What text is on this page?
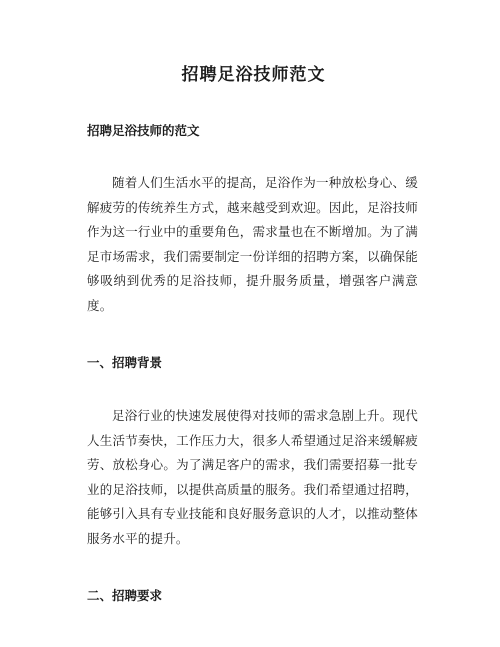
招聘足浴技师范文

招聘足浴技师的范文

随着人们生活水平的提高，足浴作为一种放松身心、缓解疲劳的传统养生方式，越来越受到欢迎。因此，足浴技师作为这一行业中的重要角色，需求量也在不断增加。为了满足市场需求，我们需要制定一份详细的招聘方案，以确保能够吸纳到优秀的足浴技师，提升服务质量，增强客户满意度。

一、招聘背景

足浴行业的快速发展使得对技师的需求急剧上升。现代人生活节奏快，工作压力大，很多人希望通过足浴来缓解疲劳、放松身心。为了满足客户的需求，我们需要招募一批专业的足浴技师，以提供高质量的服务。我们希望通过招聘，能够引入具有专业技能和良好服务意识的人才，以推动整体服务水平的提升。

二、招聘要求
